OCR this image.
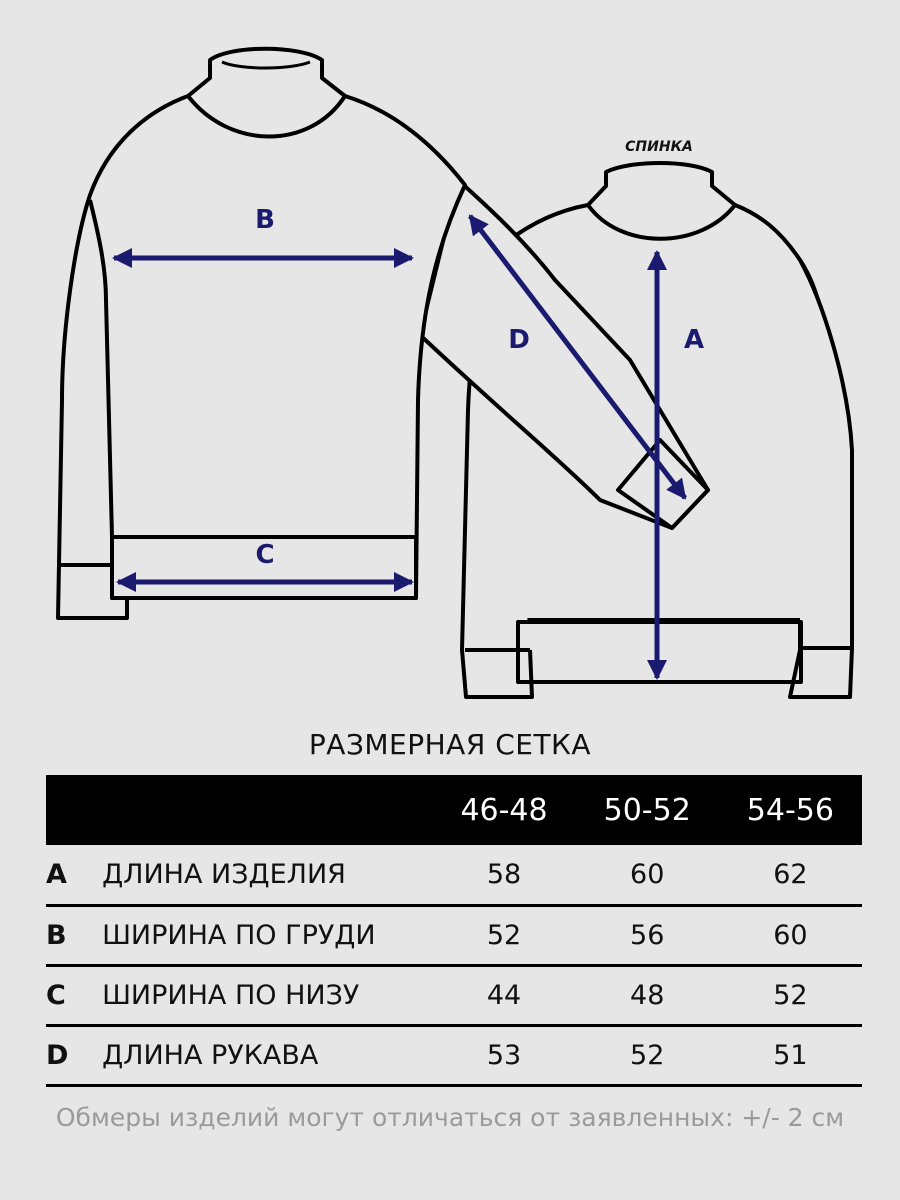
B
C
A
D
СПИНКА
РАЗМЕРНАЯ СЕТКА
		46-48	50-52	54-56
A	ДЛИНА ИЗДЕЛИЯ	58	60	62
B	ШИРИНА ПО ГРУДИ	52	56	60
C	ШИРИНА ПО НИЗУ	44	48	52
D	ДЛИНА РУКАВА	53	52	51
Обмеры изделий могут отличаться от заявленных: +/- 2 см
